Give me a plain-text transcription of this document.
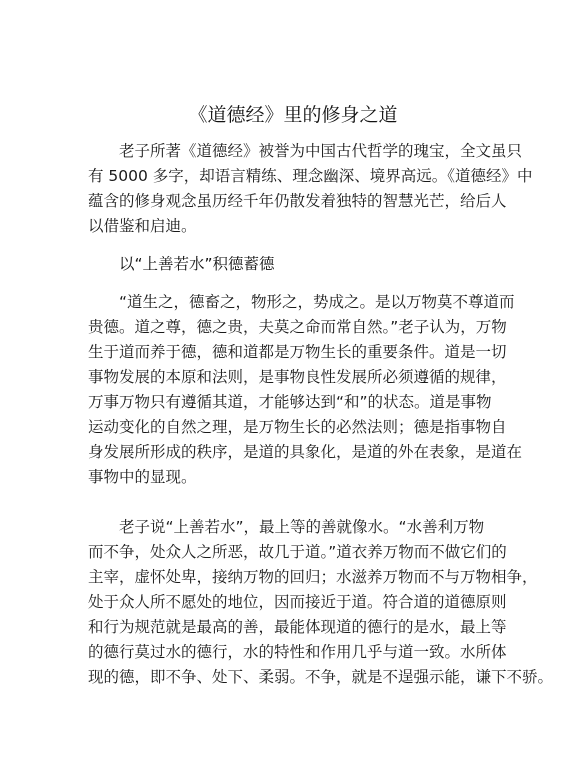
《道德经》里的修身之道
老子所著《道德经》被誉为中国古代哲学的瑰宝，全文虽只
有 5000 多字，却语言精练、理念幽深、境界高远。《道德经》中
蕴含的修身观念虽历经千年仍散发着独特的智慧光芒，给后人
以借鉴和启迪。
以“上善若水”积德蓄德
“道生之，德畜之，物形之，势成之。是以万物莫不尊道而
贵德。道之尊，德之贵，夫莫之命而常自然。”老子认为，万物
生于道而养于德，德和道都是万物生长的重要条件。道是一切
事物发展的本原和法则，是事物良性发展所必须遵循的规律，
万事万物只有遵循其道，才能够达到“和”的状态。道是事物
运动变化的自然之理，是万物生长的必然法则；德是指事物自
身发展所形成的秩序，是道的具象化，是道的外在表象，是道在
事物中的显现。
老子说“上善若水”，最上等的善就像水。“水善利万物
而不争，处众人之所恶，故几于道。”道衣养万物而不做它们的
主宰，虚怀处卑，接纳万物的回归；水滋养万物而不与万物相争，
处于众人所不愿处的地位，因而接近于道。符合道的道德原则
和行为规范就是最高的善，最能体现道的德行的是水，最上等
的德行莫过水的德行，水的特性和作用几乎与道一致。水所体
现的德，即不争、处下、柔弱。不争，就是不逞强示能，谦下不骄。
